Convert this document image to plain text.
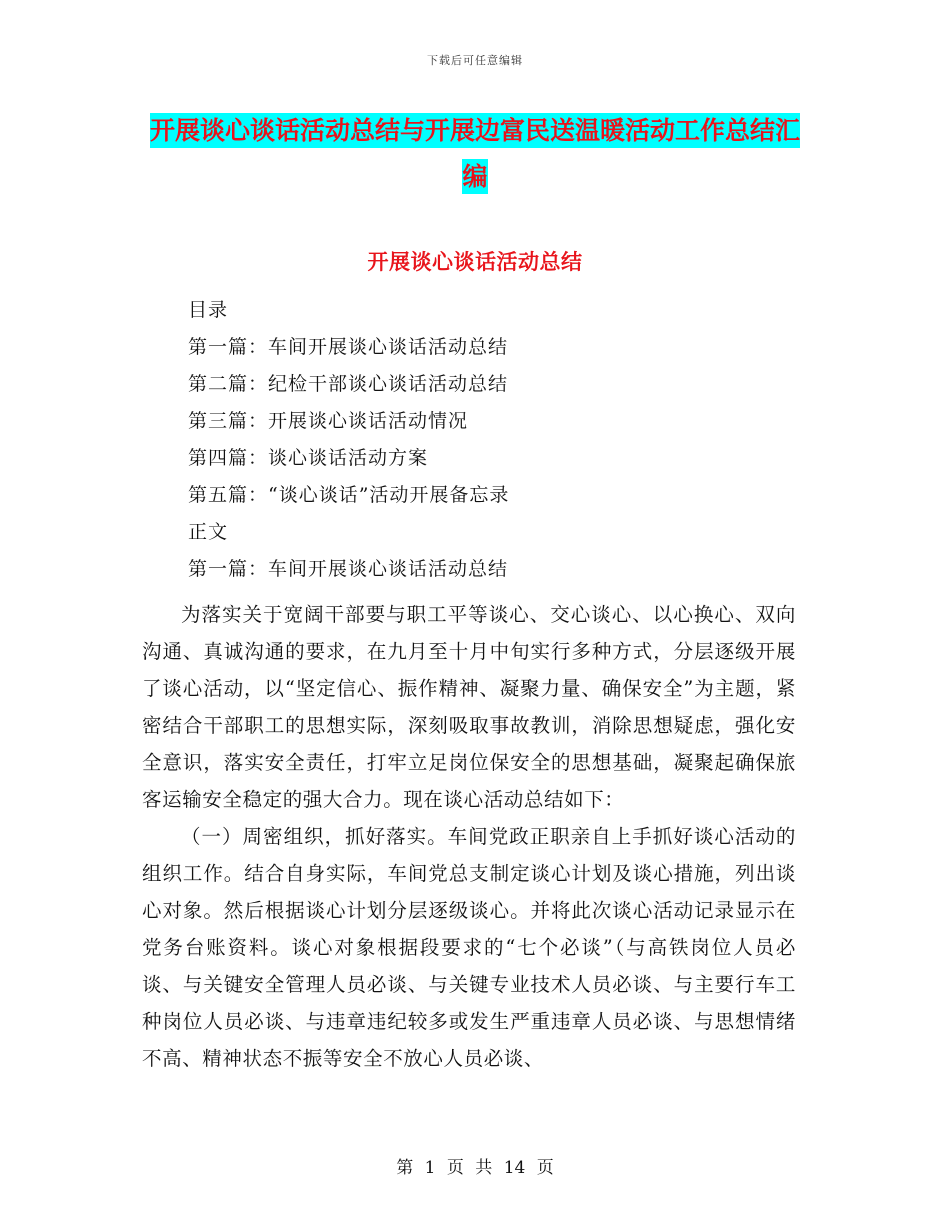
下载后可任意编辑
开展谈心谈话活动总结与开展边富民送温暖活动工作总结汇编
开展谈心谈话活动总结
目录
第一篇：车间开展谈心谈话活动总结
第二篇：纪检干部谈心谈话活动总结
第三篇：开展谈心谈话活动情况
第四篇：谈心谈话活动方案
第五篇：“谈心谈话”活动开展备忘录
正文
第一篇：车间开展谈心谈话活动总结

为落实关于宽阔干部要与职工平等谈心、交心谈心、以心换心、双向沟通、真诚沟通的要求，在九月至十月中旬实行多种方式，分层逐级开展了谈心活动，以“坚定信心、振作精神、凝聚力量、确保安全”为主题，紧密结合干部职工的思想实际，深刻吸取事故教训，消除思想疑虑，强化安全意识，落实安全责任，打牢立足岗位保安全的思想基础，凝聚起确保旅客运输安全稳定的强大合力。现在谈心活动总结如下：

（一）周密组织，抓好落实。车间党政正职亲自上手抓好谈心活动的组织工作。结合自身实际，车间党总支制定谈心计划及谈心措施，列出谈心对象。然后根据谈心计划分层逐级谈心。并将此次谈心活动记录显示在党务台账资料。谈心对象根据段要求的“七个必谈”（与高铁岗位人员必谈、与关键安全管理人员必谈、与关键专业技术人员必谈、与主要行车工种岗位人员必谈、与违章违纪较多或发生严重违章人员必谈、与思想情绪不高、精神状态不振等安全不放心人员必谈、

第 1 页 共 14 页
